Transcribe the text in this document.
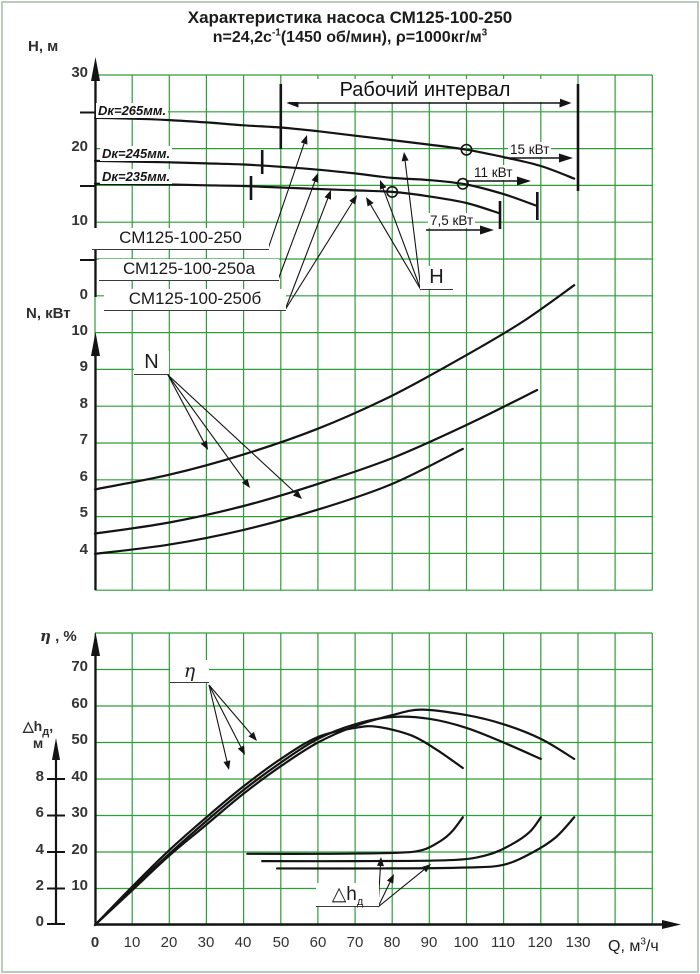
Характеристика насоса СМ125-100-250
$n=24,2с^{-1}(1450$ об/мин), $\rho=1000кг/м^3$
Н, м
N, кВт
η , %
$\triangle h_д$,
м
Q, $м^3/ч$
Рабочий интервал
Dк=265мм.
Dк=245мм.
Dк=235мм.
15 кВт
11 кВт
7,5 кВт
СМ125-100-250
СМ125-100-250а
СМ125-100-250б
Н
N
η
$\triangle h_д$
30
20
10
0
10
9
8
7
6
5
4
70
60
50
40
30
20
10
8
6
4
2
0
0	10	20	30	40	50	60	70	80	90	100 110 120 130
